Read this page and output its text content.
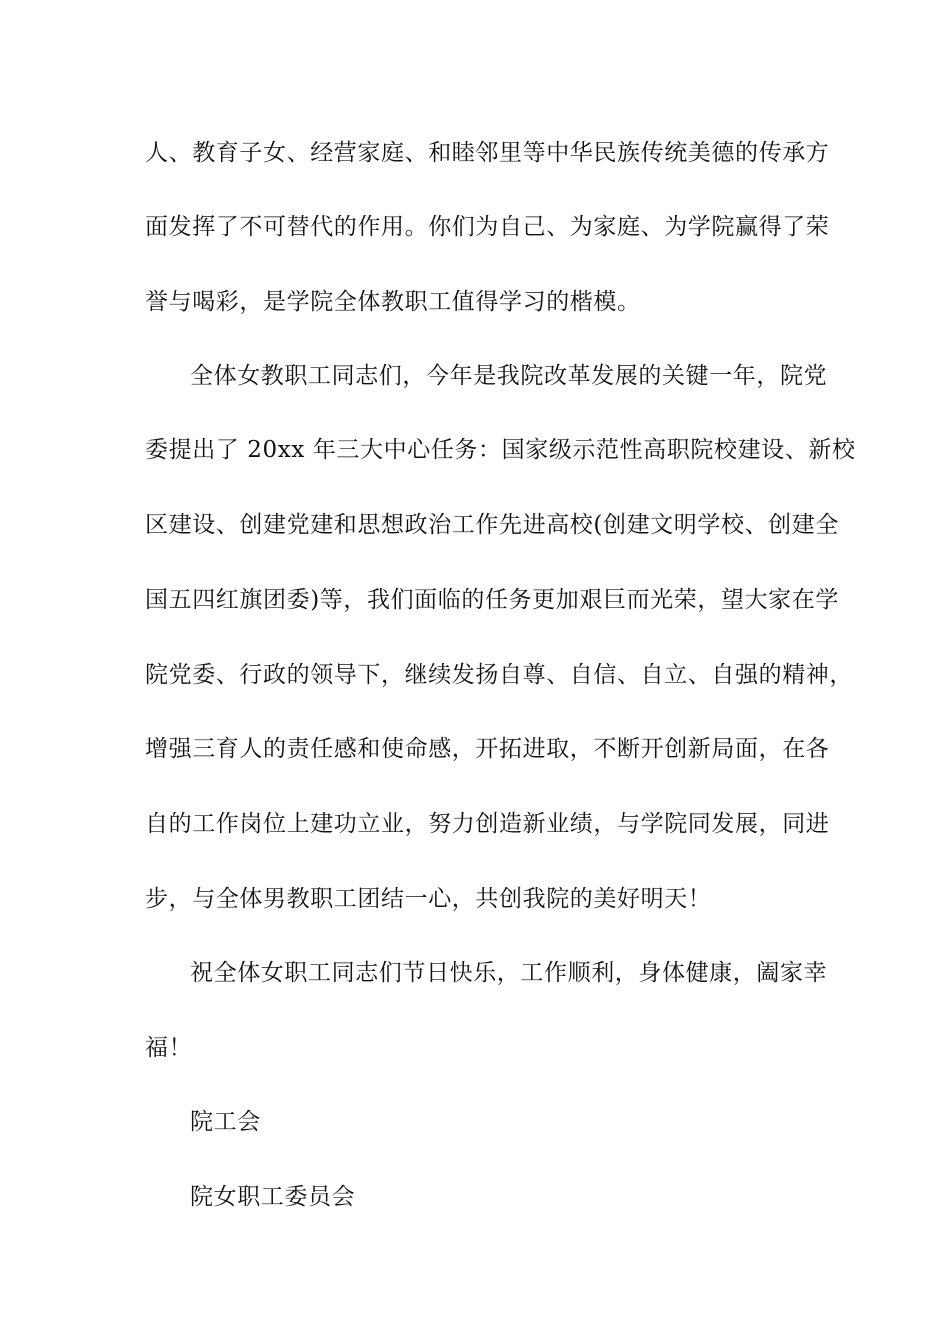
人、教育子女、经营家庭、和睦邻里等中华民族传统美德的传承方
面发挥了不可替代的作用。你们为自己、为家庭、为学院赢得了荣
誉与喝彩，是学院全体教职工值得学习的楷模。
全体女教职工同志们，今年是我院改革发展的关键一年，院党
委提出了 20xx 年三大中心任务：国家级示范性高职院校建设、新校
区建设、创建党建和思想政治工作先进高校(创建文明学校、创建全
国五四红旗团委)等，我们面临的任务更加艰巨而光荣，望大家在学
院党委、行政的领导下，继续发扬自尊、自信、自立、自强的精神，
增强三育人的责任感和使命感，开拓进取，不断开创新局面，在各
自的工作岗位上建功立业，努力创造新业绩，与学院同发展，同进
步，与全体男教职工团结一心，共创我院的美好明天！
祝全体女职工同志们节日快乐，工作顺利，身体健康，阖家幸
福！
院工会
院女职工委员会
